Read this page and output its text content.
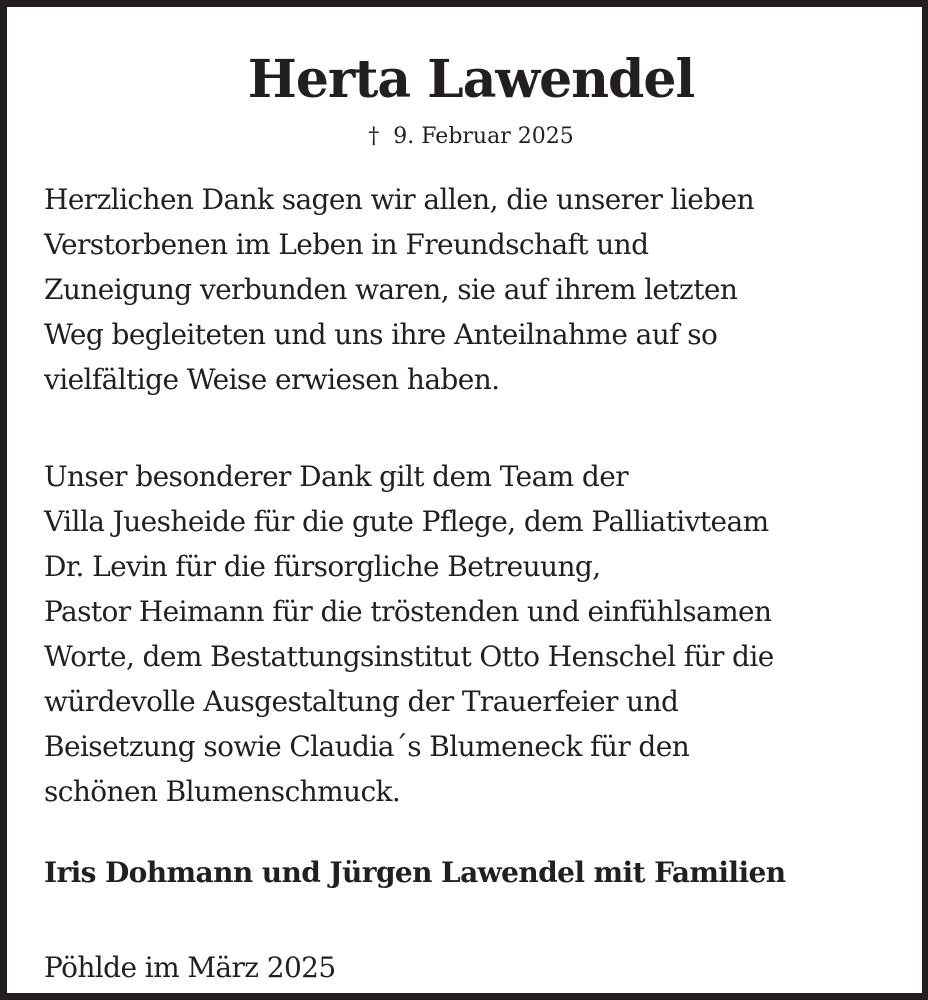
Herta Lawendel
† 9. Februar 2025

Herzlichen Dank sagen wir allen, die unserer lieben
Verstorbenen im Leben in Freundschaft und
Zuneigung verbunden waren, sie auf ihrem letzten
Weg begleiteten und uns ihre Anteilnahme auf so
vielfältige Weise erwiesen haben.

Unser besonderer Dank gilt dem Team der
Villa Juesheide für die gute Pflege, dem Palliativteam
Dr. Levin für die fürsorgliche Betreuung,
Pastor Heimann für die tröstenden und einfühlsamen
Worte, dem Bestattungsinstitut Otto Henschel für die
würdevolle Ausgestaltung der Trauerfeier und
Beisetzung sowie Claudia´s Blumeneck für den
schönen Blumenschmuck.

Iris Dohmann und Jürgen Lawendel mit Familien
Pöhlde im März 2025
